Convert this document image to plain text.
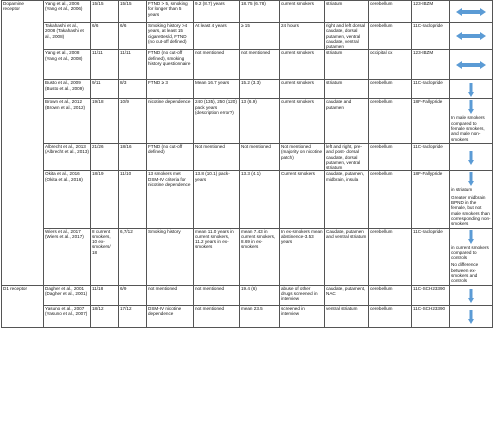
Dopamine receptor	Yang et al., 2006 (Yang et al., 2006)	15/15	15/15	FTND > 5, smoking for longer than 5 years	9.2 (8.7) years	18.75 (6.78)	current smokers	striatum	cerebellum	123-IBZM	

	Takahashi et al., 2008 (Takahashi et al., 2008)	6/6	6/6	Smoking history >4 years, at least 15 cigarettes/d, FTND (no cut-off defined)	At least 4 years	≥ 15	24 hours	right and left dorsal caudate, dorsal putamen, ventral caudate, ventral putamen	cerebellum	11C-raclopride	

	Yang et al., 2008 (Yang et al., 2008)	11/11	11/11	FTND (no cut-off defined), smoking history questionnaire	not mentioned	not mentioned	current smokers	striatum	occipital cx	123-IBZM	

	Busto et al., 2009 (Busto et al., 2009)	9/11	8/3	FTND ≥ 3	Mean 16.7 years	15.2 (3.3)	current smokers	striatum	cerebellum	11C-raclopride	

	Brown et al., 2012 (Brown et al., 2012)	19/18	10/9	nicotine dependence	240 (135), 250 (120) pack years (description error?)	13 (6.9)	current smokers	caudate and putamen	cerebellum	18F-Fallypride	In male smokers compared to female smokers, and male non-smokers

	Albrecht et al., 2013 (Albrecht et al., 2013)	21/26	18/16	FTND (no cut-off defined)	Not mentioned	Not mentioned	Not mentioned (majority on nicotine patch)	left and right, pre- and post- dorsal caudate, dorsal putamen, ventral striatum	cerebellum	11C-raclopride	

	Okita et al., 2016 (Okita et al., 2016)	18/19	11/10	13 smokers met DSM-IV criteria for nicotine dependence	13.8 (10.1) pack-years	13.3 (4.1)	Current smokers	caudate, putamen, midbrain, insula	cerebellum	18F-Fallypride	in striatum
Greater midbrain BPND in the female, but not male smokers than corresponding non-smokers

	Wiers et al., 2017 (Wiers et al., 2017)	8 current smokers, 10 ex-smokers/ 18	6,7/12	Smoking history	mean 11.0 years in current smokers, 11.2 years in ex-smokers	mean 7.43 in current smokers, 8.69 in ex-smokers	In ex-smokers mean abstinence-3.53 years	Caudate, putamen and ventral striatum	cerebellum	11C-raclopride	in current smokers compared to controls
No difference between ex-smokers and controls

D1 receptor	Dagher et al., 2001 (Dagher et al., 2001)	11/18	6/9	not mentioned	not mentioned	19.4 (6)	abuse of other drugs screened in interview	caudate, putament, NAC	cerebellum	11C-SCH23390	

	Yasuno et al., 2007 (Yasuno et al., 2007)	18/12	17/12	DSM-IV nicotine dependence	not mentioned	mean 23.5	screened in interview	ventral striatum	cerebellum	11C-SCH23390	
